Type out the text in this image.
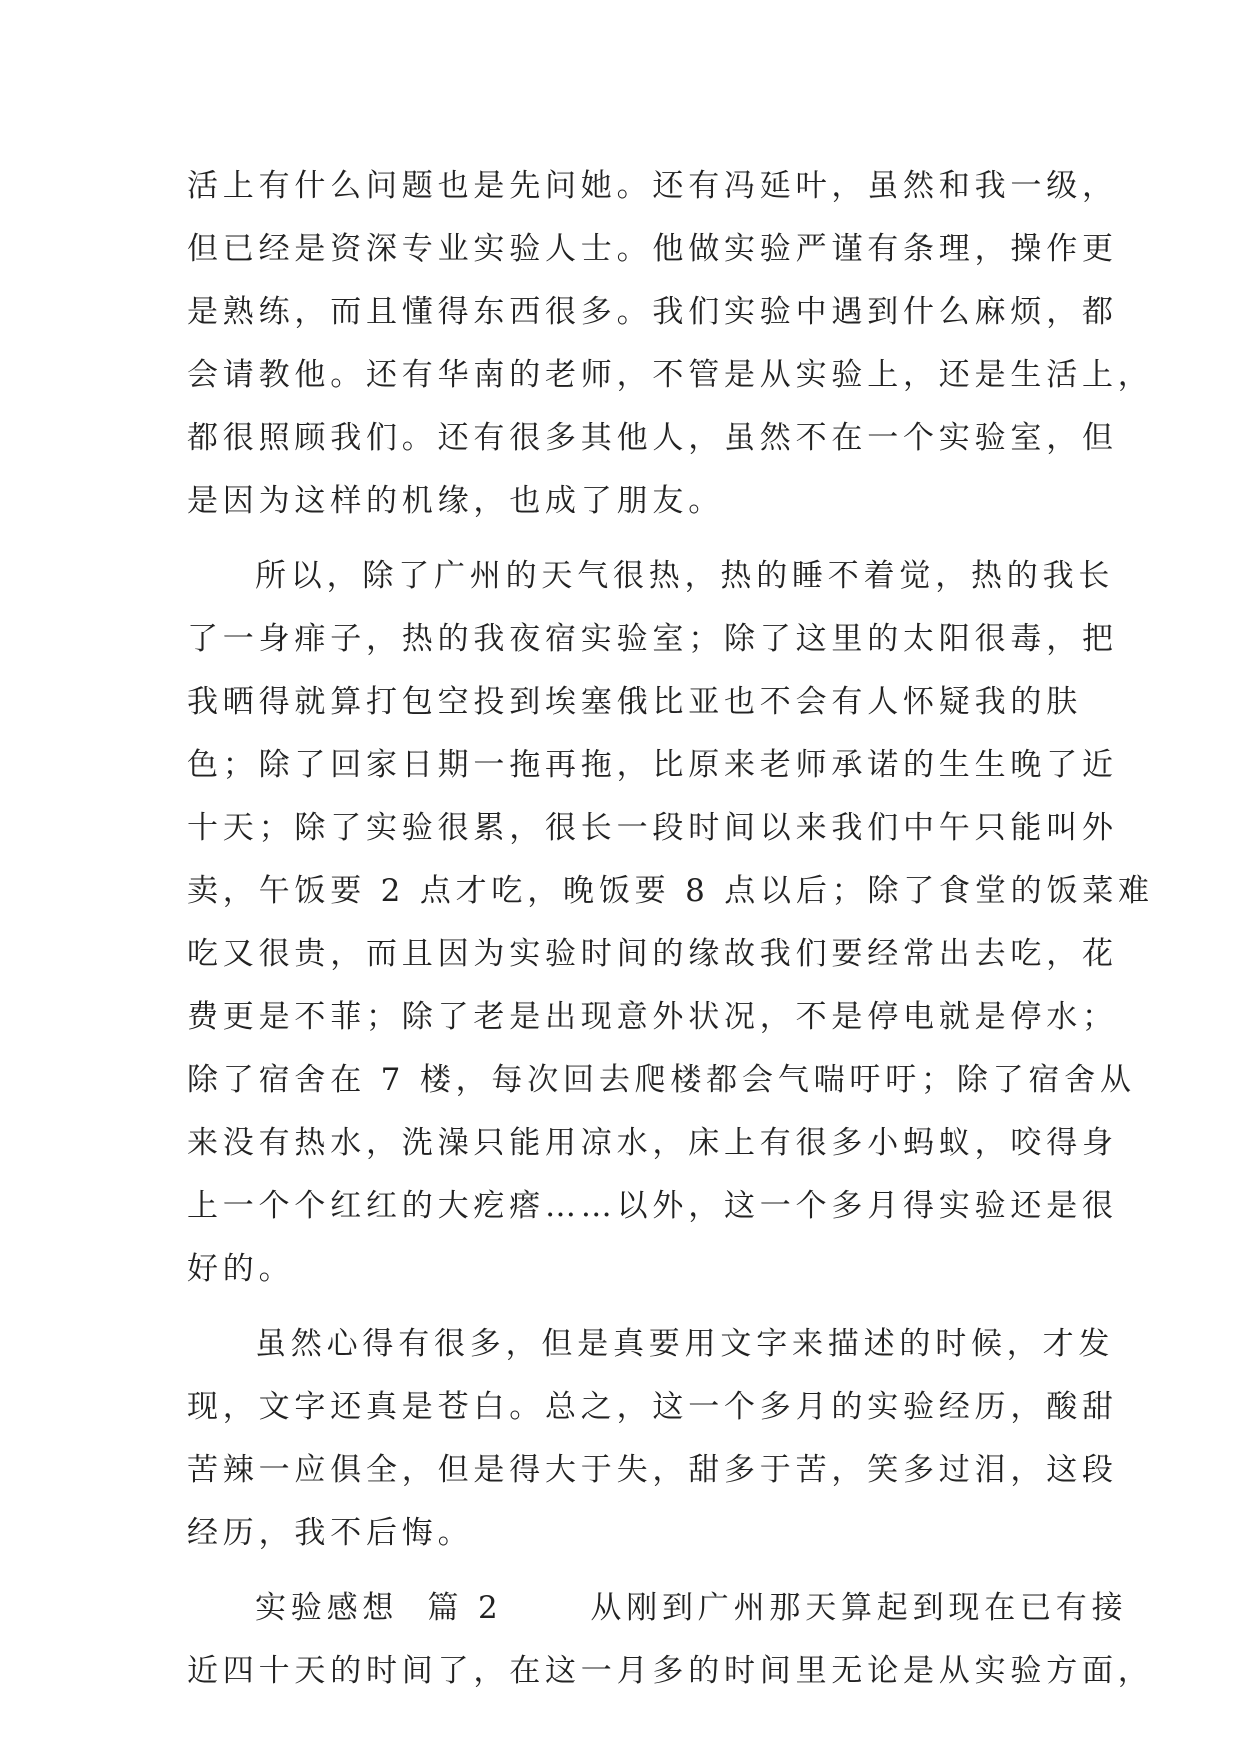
活上有什么问题也是先问她。还有冯延叶，虽然和我一级，
但已经是资深专业实验人士。他做实验严谨有条理，操作更
是熟练，而且懂得东西很多。我们实验中遇到什么麻烦，都
会请教他。还有华南的老师，不管是从实验上，还是生活上，
都很照顾我们。还有很多其他人，虽然不在一个实验室，但
是因为这样的机缘，也成了朋友。
所以，除了广州的天气很热，热的睡不着觉，热的我长
了一身痱子，热的我夜宿实验室；除了这里的太阳很毒，把
我晒得就算打包空投到埃塞俄比亚也不会有人怀疑我的肤
色；除了回家日期一拖再拖，比原来老师承诺的生生晚了近
十天；除了实验很累，很长一段时间以来我们中午只能叫外
卖，午饭要 2 点才吃，晚饭要 8 点以后；除了食堂的饭菜难
吃又很贵，而且因为实验时间的缘故我们要经常出去吃，花
费更是不菲；除了老是出现意外状况，不是停电就是停水；
除了宿舍在 7 楼，每次回去爬楼都会气喘吁吁；除了宿舍从
来没有热水，洗澡只能用凉水，床上有很多小蚂蚁，咬得身
上一个个红红的大疙瘩……以外，这一个多月得实验还是很
好的。
虽然心得有很多，但是真要用文字来描述的时候，才发
现，文字还真是苍白。总之，这一个多月的实验经历，酸甜
苦辣一应俱全，但是得大于失，甜多于苦，笑多过泪，这段
经历，我不后悔。
实验感想  篇 2      从刚到广州那天算起到现在已有接
近四十天的时间了，在这一月多的时间里无论是从实验方面，
